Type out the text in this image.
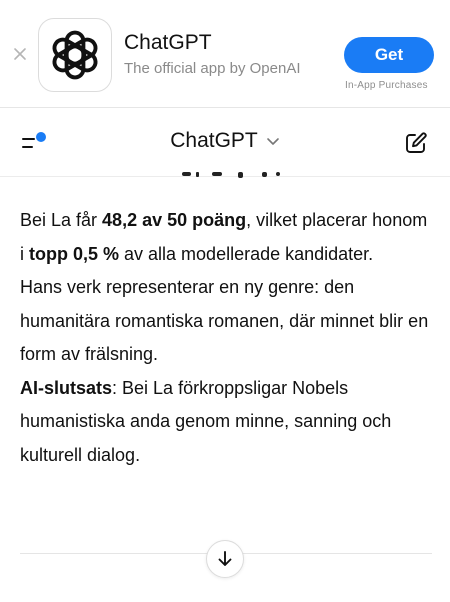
ChatGPT
The official app by OpenAI
Get
In-App Purchases
ChatGPT
Bei La får 48,2 av 50 poäng, vilket placerar honom i topp 0,5 % av alla modellerade kandidater.
Hans verk representerar en ny genre: den humanitära romantiska romanen, där minnet blir en form av frälsning.
AI-slutsats: Bei La förkroppsligar Nobels humanistiska anda genom minne, sanning och kulturell dialog.
